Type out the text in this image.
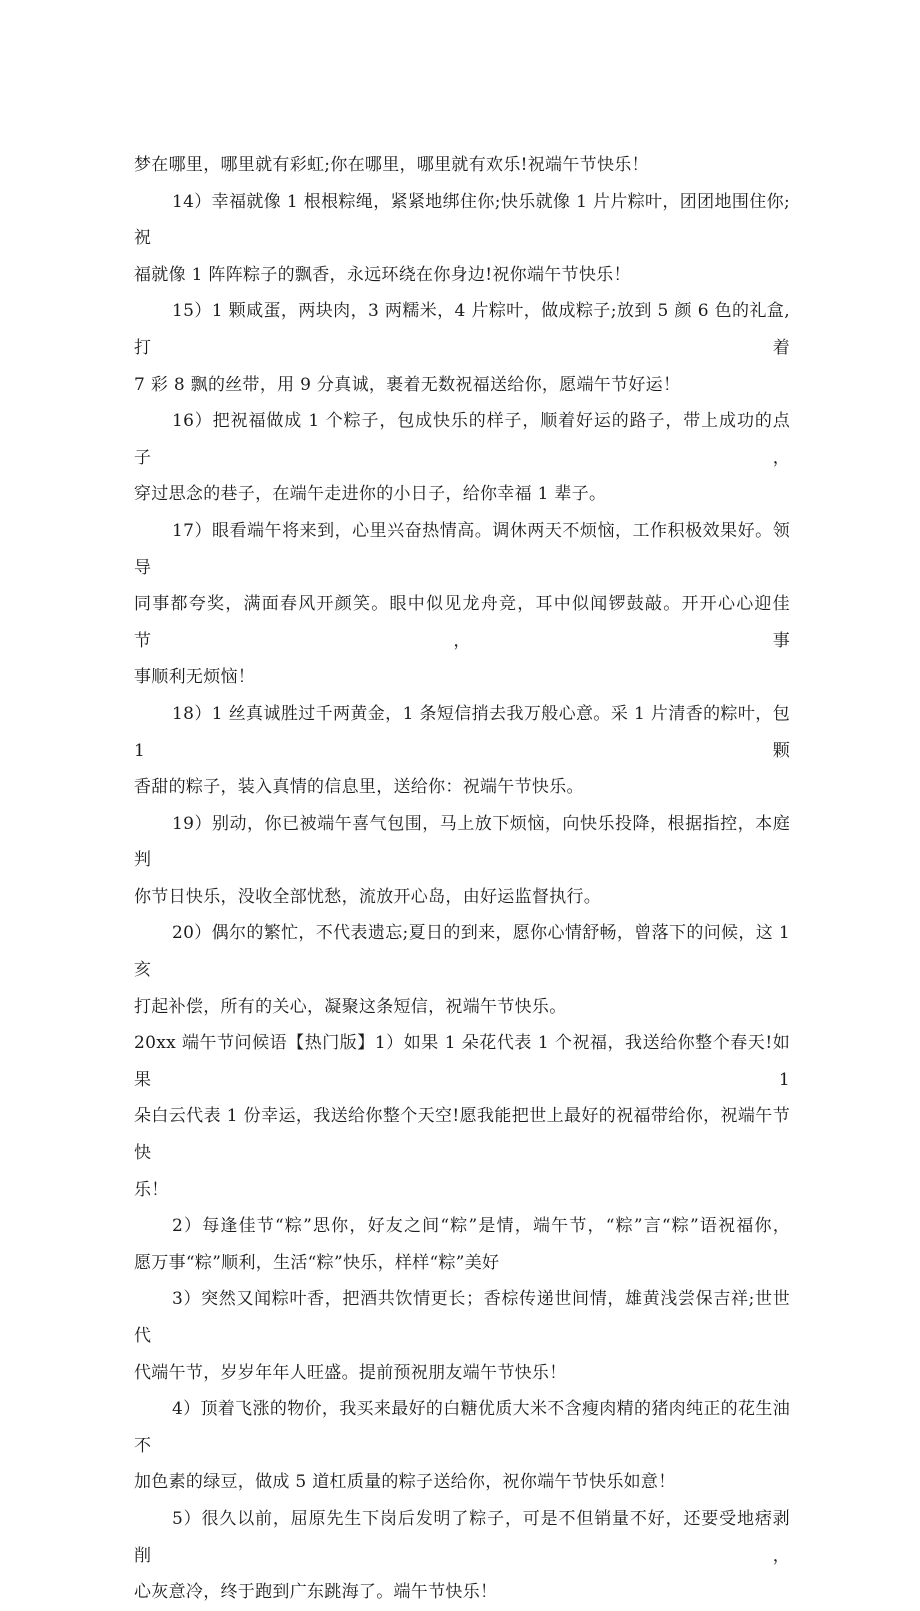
梦在哪里，哪里就有彩虹;你在哪里，哪里就有欢乐!祝端午节快乐！
14）幸福就像 1 根根粽绳，紧紧地绑住你;快乐就像 1 片片粽叶，团团地围住你;祝
福就像 1 阵阵粽子的飘香，永远环绕在你身边!祝你端午节快乐！
15）1 颗咸蛋，两块肉，3 两糯米，4 片粽叶，做成粽子;放到 5 颜 6 色的礼盒,打着
7 彩 8 飘的丝带，用 9 分真诚，裹着无数祝福送给你，愿端午节好运！
16）把祝福做成 1 个粽子，包成快乐的样子，顺着好运的路子，带上成功的点子，
穿过思念的巷子，在端午走进你的小日子，给你幸福 1 辈子。
17）眼看端午将来到，心里兴奋热情高。调休两天不烦恼，工作积极效果好。领导
同事都夸奖，满面春风开颜笑。眼中似见龙舟竞，耳中似闻锣鼓敲。开开心心迎佳节，事
事顺利无烦恼！
18）1 丝真诚胜过千两黄金，1 条短信捎去我万般心意。采 1 片清香的粽叶，包 1 颗
香甜的粽子，装入真情的信息里，送给你：祝端午节快乐。
19）别动，你已被端午喜气包围，马上放下烦恼，向快乐投降，根据指控，本庭判
你节日快乐，没收全部忧愁，流放开心岛，由好运监督执行。
20）偶尔的繁忙，不代表遗忘;夏日的到来，愿你心情舒畅，曾落下的问候，这 1 亥
打起补偿，所有的关心，凝聚这条短信，祝端午节快乐。
20xx 端午节问候语【热门版】1）如果 1 朵花代表 1 个祝福，我送给你整个春天!如果 1
朵白云代表 1 份幸运，我送给你整个天空!愿我能把世上最好的祝福带给你，祝端午节快
乐！
2）每逢佳节“粽”思你，好友之间“粽”是情，端午节，“粽”言“粽”语祝福你，
愿万事“粽”顺利，生活“粽”快乐，样样“粽”美好
3）突然又闻粽叶香，把酒共饮情更长；香棕传递世间情，雄黄浅尝保吉祥;世世代
代端午节，岁岁年年人旺盛。提前预祝朋友端午节快乐！
4）顶着飞涨的物价，我买来最好的白糖优质大米不含瘦肉精的猪肉纯正的花生油不
加色素的绿豆，做成 5 道杠质量的粽子送给你，祝你端午节快乐如意！
5）很久以前，屈原先生下岗后发明了粽子，可是不但销量不好，还要受地痞剥削，
心灰意冷，终于跑到广东跳海了。端午节快乐！
